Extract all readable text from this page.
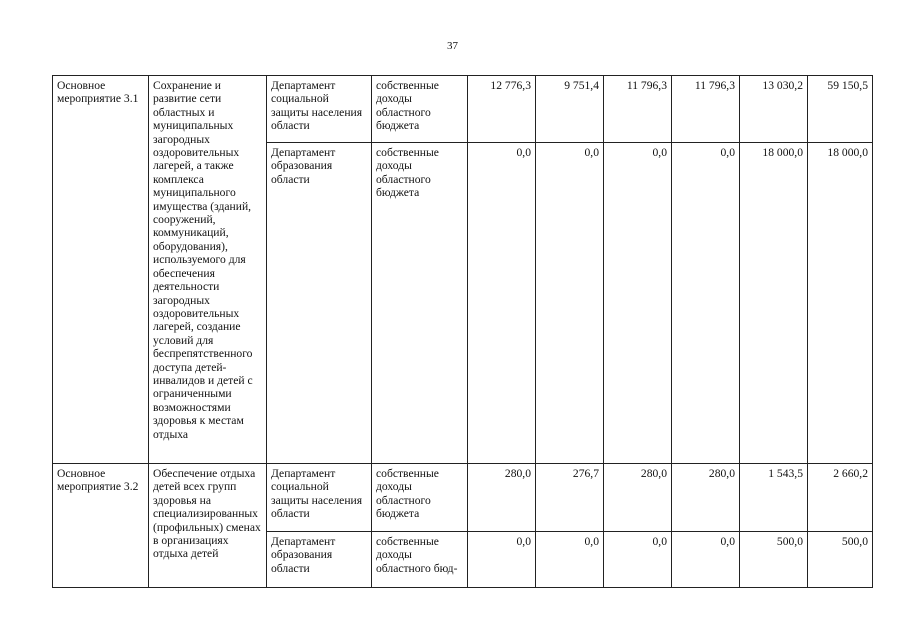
37
Основное мероприятие 3.1	Сохранение и развитие сети областных и муниципальных загородных оздоровительных лагерей, а также комплекса муниципального имущества (зданий, сооружений, коммуникаций, оборудования), используемого для обеспечения деятельности загородных оздоровительных лагерей, создание условий для беспрепятственного доступа детей-инвалидов и детей с ограниченными возможностями здоровья к местам отдыха	Департамент социальной защиты населения области	собственные доходы областного бюджета	12 776,3	9 751,4	11 796,3	11 796,3	13 030,2	59 150,5
		Департамент образования области	собственные доходы областного бюджета	0,0	0,0	0,0	0,0	18 000,0	18 000,0
Основное мероприятие 3.2	Обеспечение отдыха детей всех групп здоровья на специализированных (профильных) сменах в организациях отдыха детей	Департамент социальной защиты населения области	собственные доходы областного бюджета	280,0	276,7	280,0	280,0	1 543,5	2 660,2
		Департамент образования области	собственные доходы областного бюд-	0,0	0,0	0,0	0,0	500,0	500,0
